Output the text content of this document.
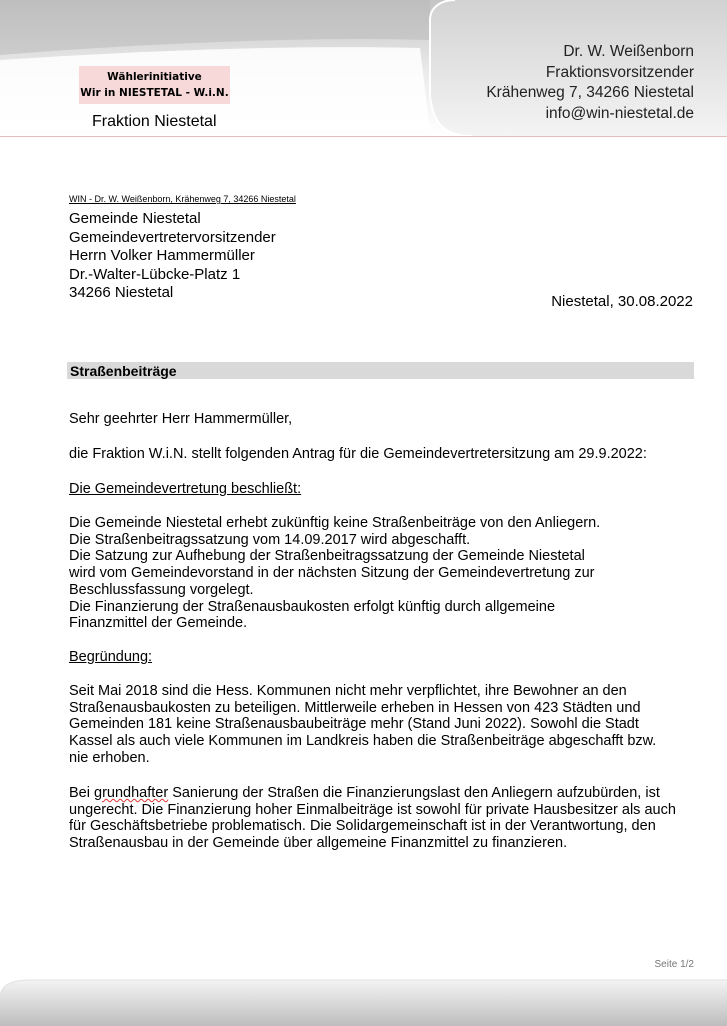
Wählerinitiative
Wir in NIESTETAL - W.i.N.
Fraktion Niestetal
Dr. W. Weißenborn
Fraktionsvorsitzender
Krähenweg 7, 34266 Niestetal
info@win-niestetal.de
WIN - Dr. W. Weißenborn, Krähenweg 7, 34266 Niestetal
Gemeinde Niestetal
Gemeindevertretervorsitzender
Herrn Volker Hammermüller
Dr.-Walter-Lübcke-Platz 1
34266 Niestetal
Niestetal, 30.08.2022
Straßenbeiträge
Sehr geehrter Herr Hammermüller,
die Fraktion W.i.N. stellt folgenden Antrag für die Gemeindevertretersitzung am 29.9.2022:
Die Gemeindevertretung beschließt:
Die Gemeinde Niestetal erhebt zukünftig keine Straßenbeiträge von den Anliegern.
Die Straßenbeitragssatzung vom 14.09.2017 wird abgeschafft.
Die Satzung zur Aufhebung der Straßenbeitragssatzung der Gemeinde Niestetal
wird vom Gemeindevorstand in der nächsten Sitzung der Gemeindevertretung zur
Beschlussfassung vorgelegt.
Die Finanzierung der Straßenausbaukosten erfolgt künftig durch allgemeine
Finanzmittel der Gemeinde.
Begründung:
Seit Mai 2018 sind die Hess. Kommunen nicht mehr verpflichtet, ihre Bewohner an den
Straßenausbaukosten zu beteiligen. Mittlerweile erheben in Hessen von 423 Städten und
Gemeinden 181 keine Straßenausbaubeiträge mehr (Stand Juni 2022). Sowohl die Stadt
Kassel als auch viele Kommunen im Landkreis haben die Straßenbeiträge abgeschafft bzw.
nie erhoben.
Bei grundhafter Sanierung der Straßen die Finanzierungslast den Anliegern aufzubürden, ist
ungerecht. Die Finanzierung hoher Einmalbeiträge ist sowohl für private Hausbesitzer als auch
für Geschäftsbetriebe problematisch. Die Solidargemeinschaft ist in der Verantwortung, den
Straßenausbau in der Gemeinde über allgemeine Finanzmittel zu finanzieren.
Seite 1/2
